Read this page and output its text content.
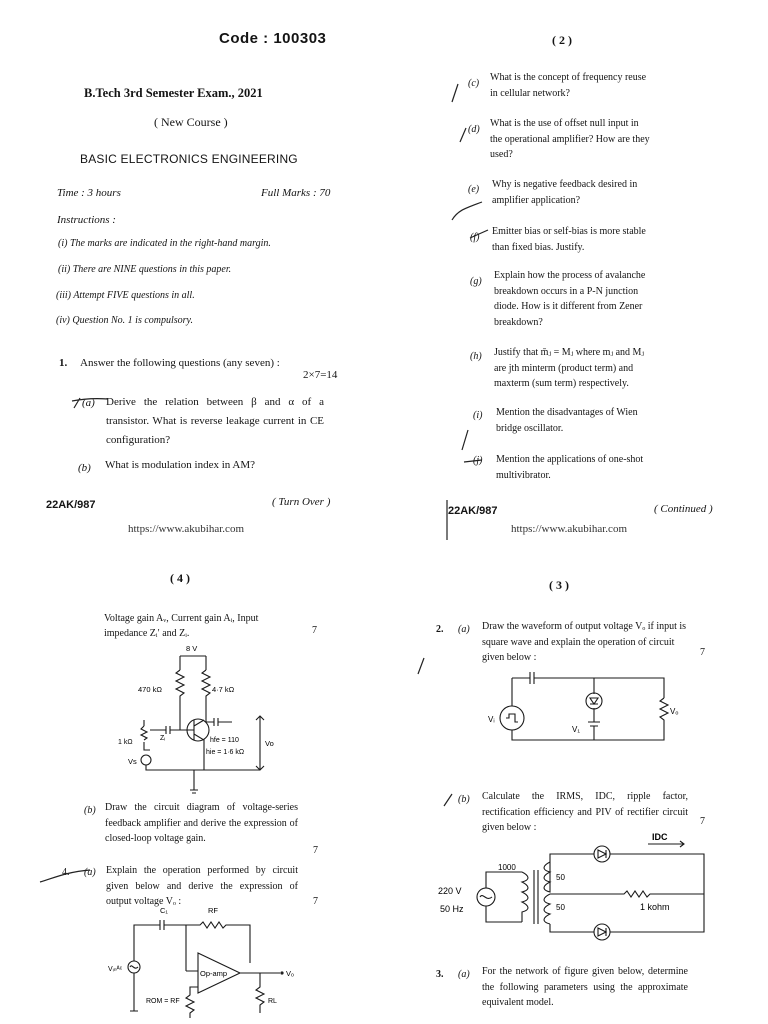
Code : 100303
B.Tech 3rd Semester Exam., 2021
( New Course )
BASIC ELECTRONICS ENGINEERING
Time : 3 hours	Full Marks : 70
Instructions :
(i) The marks are indicated in the right-hand margin.
(ii) There are NINE questions in this paper.
(iii) Attempt FIVE questions in all.
(iv) Question No. 1 is compulsory.
1. Answer the following questions (any seven) :
2×7=14
(a) Derive the relation between β and α of a transistor. What is reverse leakage current in CE configuration?
(b) What is modulation index in AM?
22AK/987	( Turn Over )
https://www.akubihar.com
( 2 )
(c)
What is the concept of frequency reuse
in cellular network?
(d)
What is the use of offset null input in
the operational amplifier? How are they
used?
(e) Why is negative feedback desired in
amplifier application?
(f)
Emitter bias or self-bias is more stable
than fixed bias. Justify.
(g)
Explain how the process of avalanche
breakdown occurs in a P-N junction
diode. How is it different from Zener
breakdown?
(h) Justify that m̄ⱼ = Mⱼ where mⱼ and Mⱼ
are jth minterm (product term) and
maxterm (sum term) respectively.
(i) Mention the disadvantages of Wien
bridge oscillator.
(j) Mention the applications of one-shot
multivibrator.
22AK/987	( Continued )
https://www.akubihar.com
( 4 )
Voltage gain Aᵥ, Current gain Aᵢ, Input
impedance Zᵢ′ and Zᵢ.	7
8 V
470 kΩ	4·7 kΩ
1 kΩ
Zᵢ	hfe = 110
hie = 1·6 kΩ
Vs
Vo
(b) Draw the circuit diagram of voltage-series feedback amplifier and derive the expression of closed-loop voltage gain.
7
4. (a) Explain the operation performed by circuit given below and derive the expression of output voltage Vₒ :	7
C₁	RF
Vₒ
Op-amp
Vᵢₙᴬᶜ
ROM = RF	RL
( 3 )
2. (a) Draw the waveform of output voltage Vₒ if input is square wave and explain the operation of circuit given below :	7
Vᵢ
V₁
Vₒ
(b) Calculate the IRMS, IDC, ripple factor, rectification efficiency and PIV of rectifier circuit given below :
7
220 V
50 Hz
1000
50
50	1 kohm
IDC
3. (a) For the network of figure given below, determine the following parameters using the approximate equivalent model.
